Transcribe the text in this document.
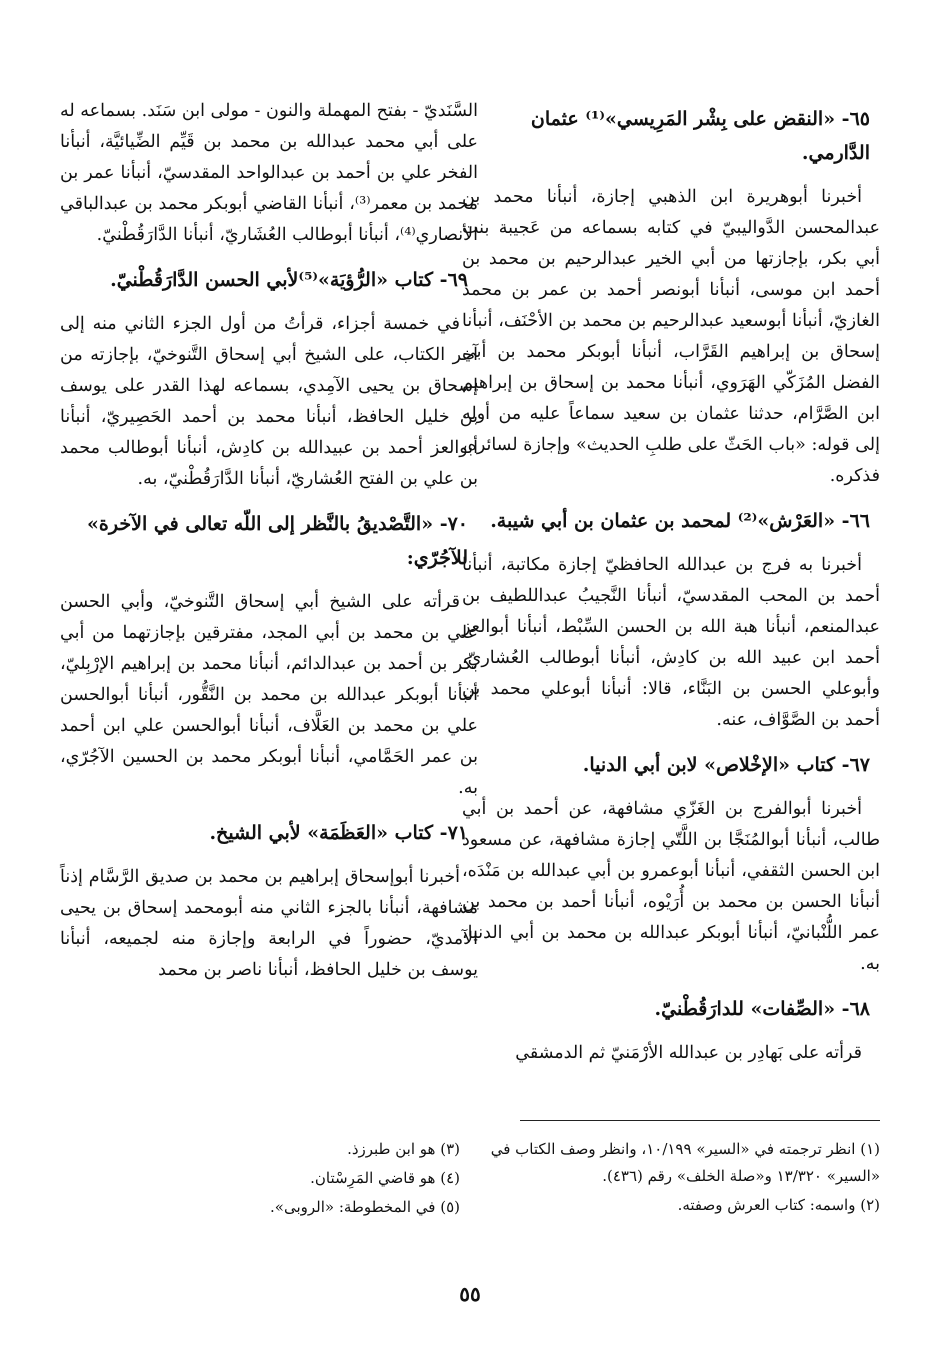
٦٥- «النقض على بِشْر المَرِيسي»⁽¹⁾ عثمان الدَّارمي.

أخبرنا أبوهريرة ابن الذهبي إجازة، أنبأنا محمد بن عبدالمحسن الدَّواليبيّ في كتابه بسماعه من عَجيبة بنت أبي بكر، بإجازتها من أبي الخير عبدالرحيم بن محمد بن أحمد ابن موسى، أنبأنا أبونصر أحمد بن عمر بن محمد الغازيّ، أنبأنا أبوسعيد عبدالرحيم بن محمد بن الأحْنَف، أنبأنا إسحاق بن إبراهيم القَرَّاب، أنبأنا أبوبكر محمد بن أبي الفضل المُزَكّي الهَرَوي، أنبأنا محمد بن إسحاق بن إبراهيم ابن الصَّرَّام، حدثنا عثمان بن سعيد سماعاً عليه من أوله إلى قوله: «باب الحَثّ على طلبِ الحديث» وإجازة لسائره، فذكره.

٦٦- «العَرْش»⁽²⁾ لمحمد بن عثمان بن أبي شيبة.

أخبرنا به فرج بن عبدالله الحافظيّ إجازة مكاتبة، أنبأنا أحمد بن المحب المقدسيّ، أنبأنا النَّجيبُ عبداللطيف بن عبدالمنعم، أنبأنا هبة الله بن الحسن السِّبْط، أنبأنا أبوالعز أحمد ابن عبيد الله بن كادِش، أنبأنا أبوطالب العُشاريّ، وأبوعلي الحسن بن البَنَّاء، قالا: أنبأنا أبوعلي محمد بن أحمد بن الصَّوَّاف، عنه.

٦٧- كتاب «الإخْلاص» لابن أبي الدنيا.

أخبرنا أبوالفرج بن الغَزّي مشافهة، عن أحمد بن أبي طالب، أنبأنا أبوالمُنَجَّا بن اللَّتّي إجازة مشافهة، عن مسعود ابن الحسن الثقفي، أنبأنا أبوعمرو بن أبي عبدالله بن مَنْدَه، أنبأنا الحسن بن محمد بن أُرَيْوه، أنبأنا أحمد بن محمد بن عمر اللُّنْبانيّ، أنبأنا أبوبكر عبدالله بن محمد بن أبي الدنيا، به.

٦٨- «الصِّفات» للدارَقُطْنيّ.

قرأته على بَهادِر بن عبدالله الأرْمَنيّ ثم الدمشقي

السَّنَديّ - بفتح المهملة والنون - مولى ابن سَنَد. بسماعه له على أبي محمد عبدالله بن محمد بن قَيِّم الضِّيائيَّة، أنبأنا الفخر علي بن أحمد بن عبدالواحد المقدسيّ، أنبأنا عمر بن محمد بن معمر⁽³⁾، أنبأنا القاضي أبوبكر محمد بن عبدالباقي الأنصاري⁽⁴⁾، أنبأنا أبوطالب العُشَاريّ، أنبأنا الدَّارَقُطْنيّ.

٦٩- كتاب «الرُّؤيَة»⁽⁵⁾لأبي الحسن الدَّارَقُطْنيّ.

في خمسة أجزاء، قرأتُ من أول الجزء الثاني منه إلى آخر الكتاب، على الشيخ أبي إسحاق التَّنوخيّ، بإجازته من إسحاق بن يحيى الآمِدي، بسماعه لهذا القدر على يوسف بن خليل الحافظ، أنبأنا محمد بن أحمد الحَصِيريّ، أنبأنا أبوالعز أحمد بن عبيدالله بن كادِش، أنبأنا أبوطالب محمد بن علي بن الفتح العُشاريّ، أنبأنا الدَّارَقُطْنيّ، به.

٧٠- «التَّصْديقُ بالنَّظر إلى اللّه تعالى في الآخرة» للآجُرّي:

قرأته على الشيخ أبي إسحاق التَّنوخيّ، وأبي الحسن علي بن محمد بن أبي المجد، مفترقين بإجازتهما من أبي بكر بن أحمد بن عبدالدائم، أنبأنا محمد بن إبراهيم الإرْبِليّ، أنبأنا أبوبكر عبدالله بن محمد بن النَّقُّور، أنبأنا أبوالحسن علي بن محمد بن العَلَّاف، أنبأنا أبوالحسن علي ابن أحمد بن عمر الحَمَّامي، أنبأنا أبوبكر محمد بن الحسين الآجُرّي، به.

٧١- كتاب «العَظَمَة» لأبي الشيخ.

أخبرنا أبوإسحاق إبراهيم بن محمد بن صديق الرَّسَّام إذناً مشافهة، أنبأنا بالجزء الثاني منه أبومحمد إسحاق بن يحيى الآمديّ، حضوراً في الرابعة وإجازة منه لجميعه، أنبأنا يوسف بن خليل الحافظ، أنبأنا ناصر بن محمد

(١) انظر ترجمته في «السير» ١٠/١٩٩، وانظر وصف الكتاب في «السير» ١٣/٣٢٠ و«صلة الخلف» رقم (٤٣٦).
(٢) واسمه: كتاب العرش وصفته.
(٣) هو ابن طبرزذ.
(٤) هو قاضي المَرِسْتان.
(٥) في المخطوطة: «الروبى».
٥٥
